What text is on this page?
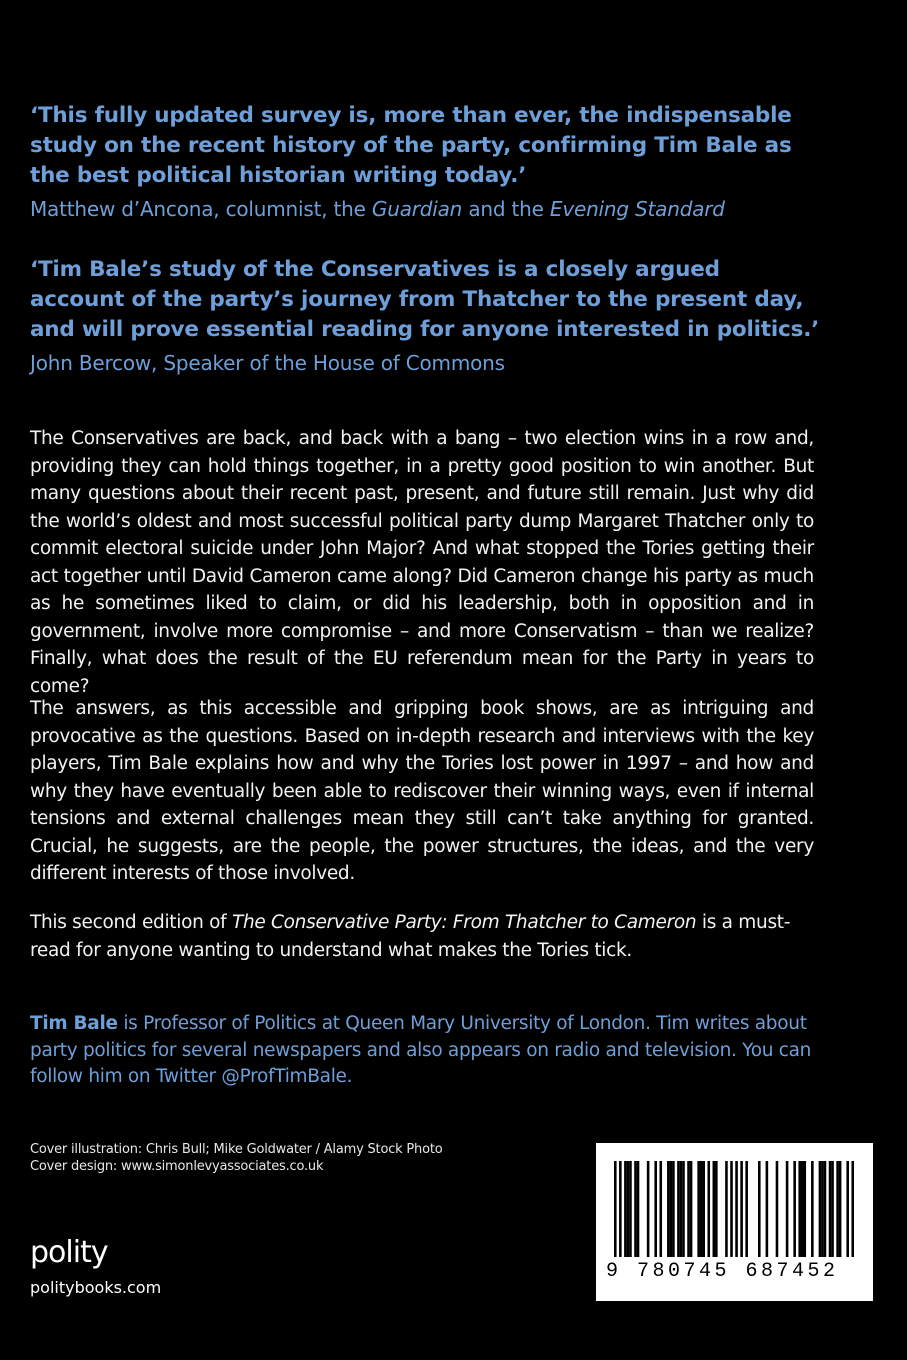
‘This fully updated survey is, more than ever, the indispensable study on the recent history of the party, confirming Tim Bale as the best political historian writing today.’
Matthew d’Ancona, columnist, the Guardian and the Evening Standard
‘Tim Bale’s study of the Conservatives is a closely argued account of the party’s journey from Thatcher to the present day, and will prove essential reading for anyone interested in politics.’
John Bercow, Speaker of the House of Commons
The Conservatives are back, and back with a bang – two election wins in a row and, providing they can hold things together, in a pretty good position to win another. But many questions about their recent past, present, and future still remain. Just why did the world’s oldest and most successful political party dump Margaret Thatcher only to commit electoral suicide under John Major? And what stopped the Tories getting their act together until David Cameron came along? Did Cameron change his party as much as he sometimes liked to claim, or did his leadership, both in opposition and in government, involve more compromise – and more Conservatism – than we realize? Finally, what does the result of the EU referendum mean for the Party in years to come?
The answers, as this accessible and gripping book shows, are as intriguing and provocative as the questions. Based on in-depth research and interviews with the key players, Tim Bale explains how and why the Tories lost power in 1997 – and how and why they have eventually been able to rediscover their winning ways, even if internal tensions and external challenges mean they still can’t take anything for granted. Crucial, he suggests, are the people, the power structures, the ideas, and the very different interests of those involved.
This second edition of The Conservative Party: From Thatcher to Cameron is a must-read for anyone wanting to understand what makes the Tories tick.
Tim Bale is Professor of Politics at Queen Mary University of London. Tim writes about party politics for several newspapers and also appears on radio and television. You can follow him on Twitter @ProfTimBale.
Cover illustration: Chris Bull; Mike Goldwater / Alamy Stock Photo
Cover design: www.simonlevyassociates.co.uk
polity
politybooks.com
9 780745 687452
